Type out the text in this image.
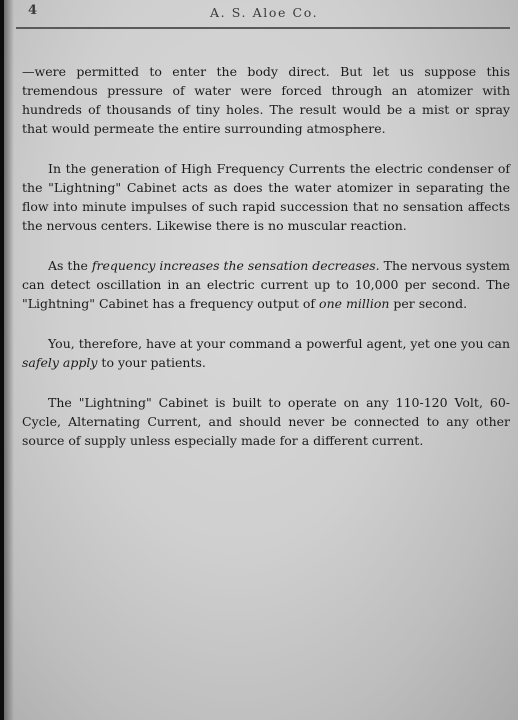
4	A. S. Aloe Co.

—were permitted to enter the body direct. But let us suppose this tremendous pressure of water were forced through an atomizer with hundreds of thousands of tiny holes. The result would be a mist or spray that would permeate the entire surrounding atmosphere.

In the generation of High Frequency Currents the electric condenser of the "Lightning" Cabinet acts as does the water atomizer in separating the flow into minute impulses of such rapid succession that no sensation affects the nervous centers. Likewise there is no muscular reaction.

As the frequency increases the sensation decreases. The nervous system can detect oscillation in an electric current up to 10,000 per second. The "Lightning" Cabinet has a frequency output of one million per second.

You, therefore, have at your command a powerful agent, yet one you can safely apply to your patients.

The "Lightning" Cabinet is built to operate on any 110-120 Volt, 60-Cycle, Alternating Current, and should never be connected to any other source of supply unless especially made for a different current.
